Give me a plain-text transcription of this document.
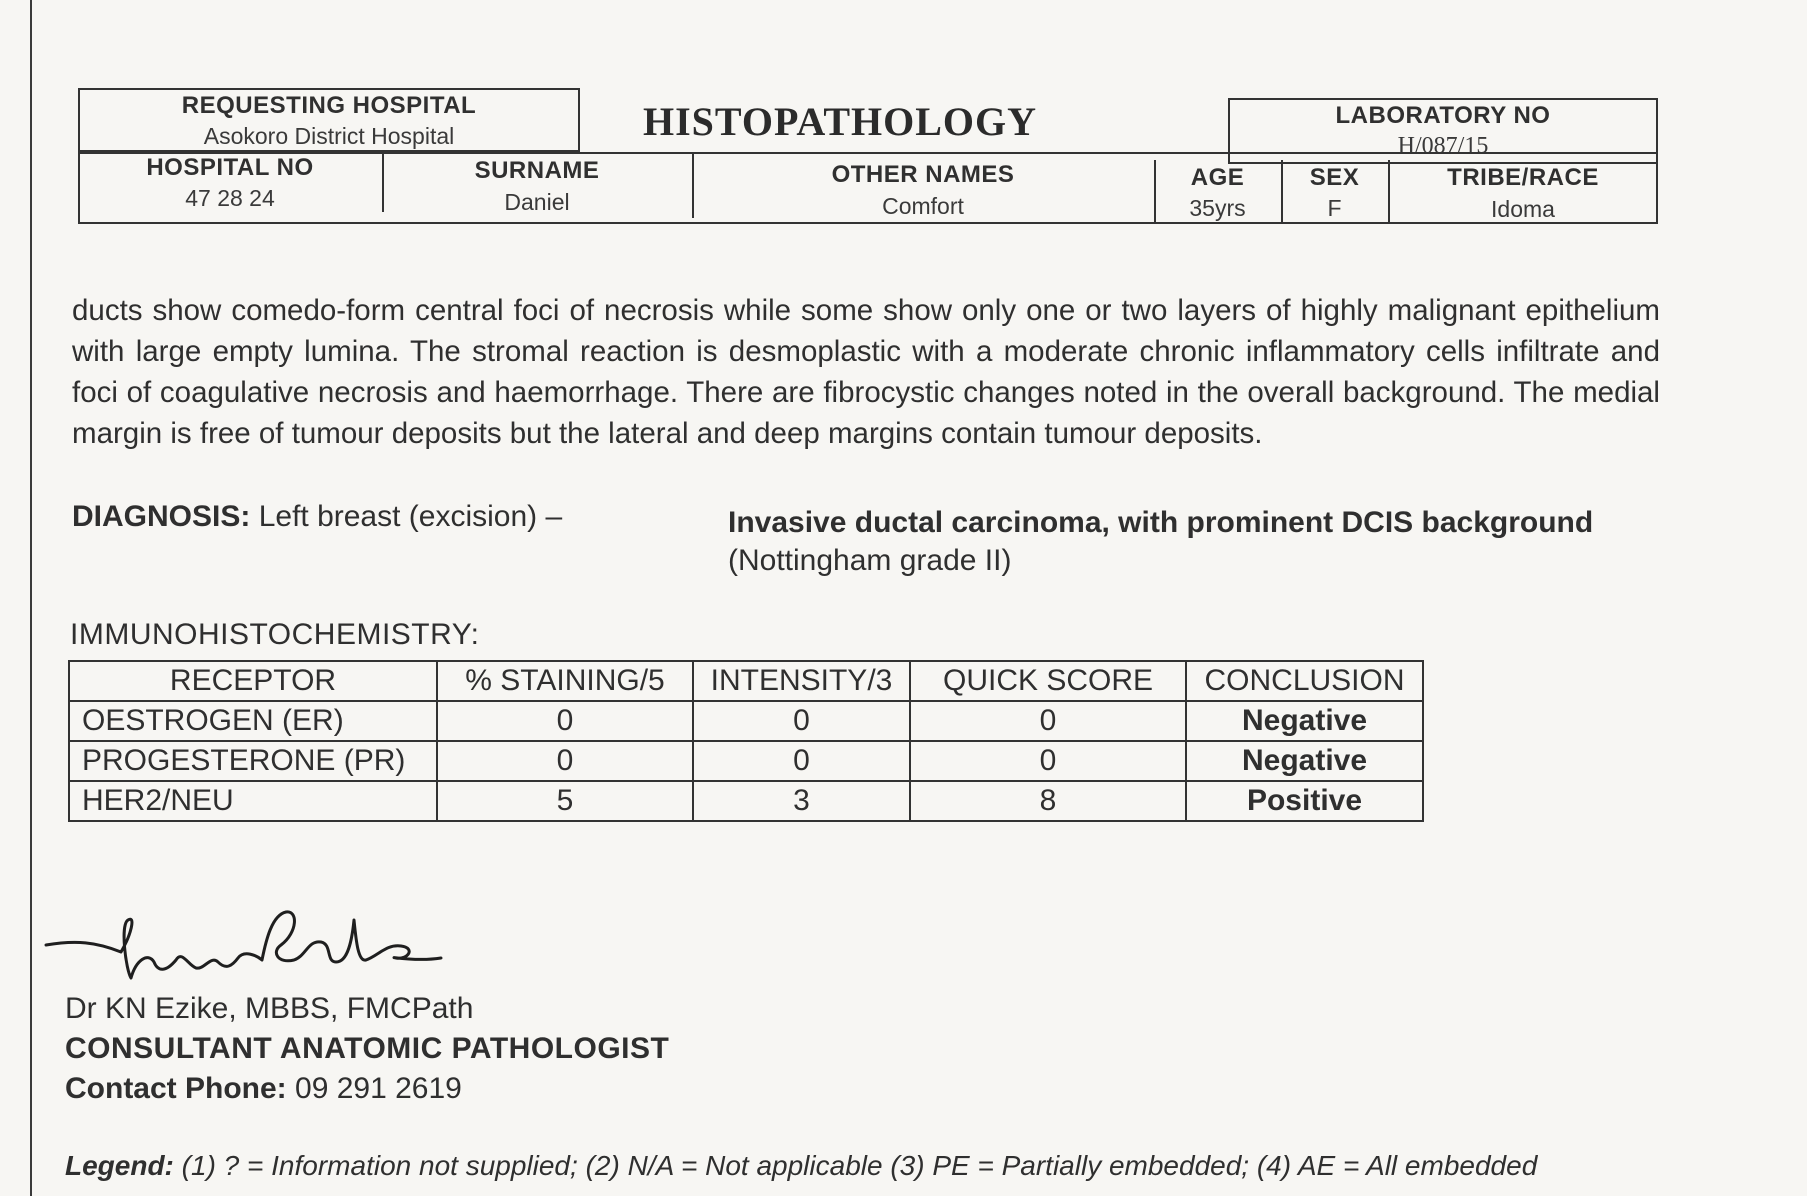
REQUESTING HOSPITAL
Asokoro District Hospital	HISTOPATHOLOGY	LABORATORY NO
H/087/15
HOSPITAL NO
47 28 24
SURNAME
Daniel
OTHER NAMES
Comfort
AGE
35yrs
SEX
F
TRIBE/RACE
Idoma
ducts show comedo-form central foci of necrosis while some show only one or two layers of highly malignant epithelium with large empty lumina. The stromal reaction is desmoplastic with a moderate chronic inflammatory cells infiltrate and foci of coagulative necrosis and haemorrhage. There are fibrocystic changes noted in the overall background. The medial margin is free of tumour deposits but the lateral and deep margins contain tumour deposits.
DIAGNOSIS: Left breast (excision) –	Invasive ductal carcinoma, with prominent DCIS background
(Nottingham grade II)
IMMUNOHISTOCHEMISTRY:
RECEPTOR	% STAINING/5	INTENSITY/3	QUICK SCORE	CONCLUSION
OESTROGEN (ER)	0	0	0	Negative
PROGESTERONE (PR)	0	0	0	Negative
HER2/NEU	5	3	8	Positive
Dr KN Ezike, MBBS, FMCPath
CONSULTANT ANATOMIC PATHOLOGIST
Contact Phone: 09 291 2619
Legend: (1) ? = Information not supplied; (2) N/A = Not applicable (3) PE = Partially embedded; (4) AE = All embedded
